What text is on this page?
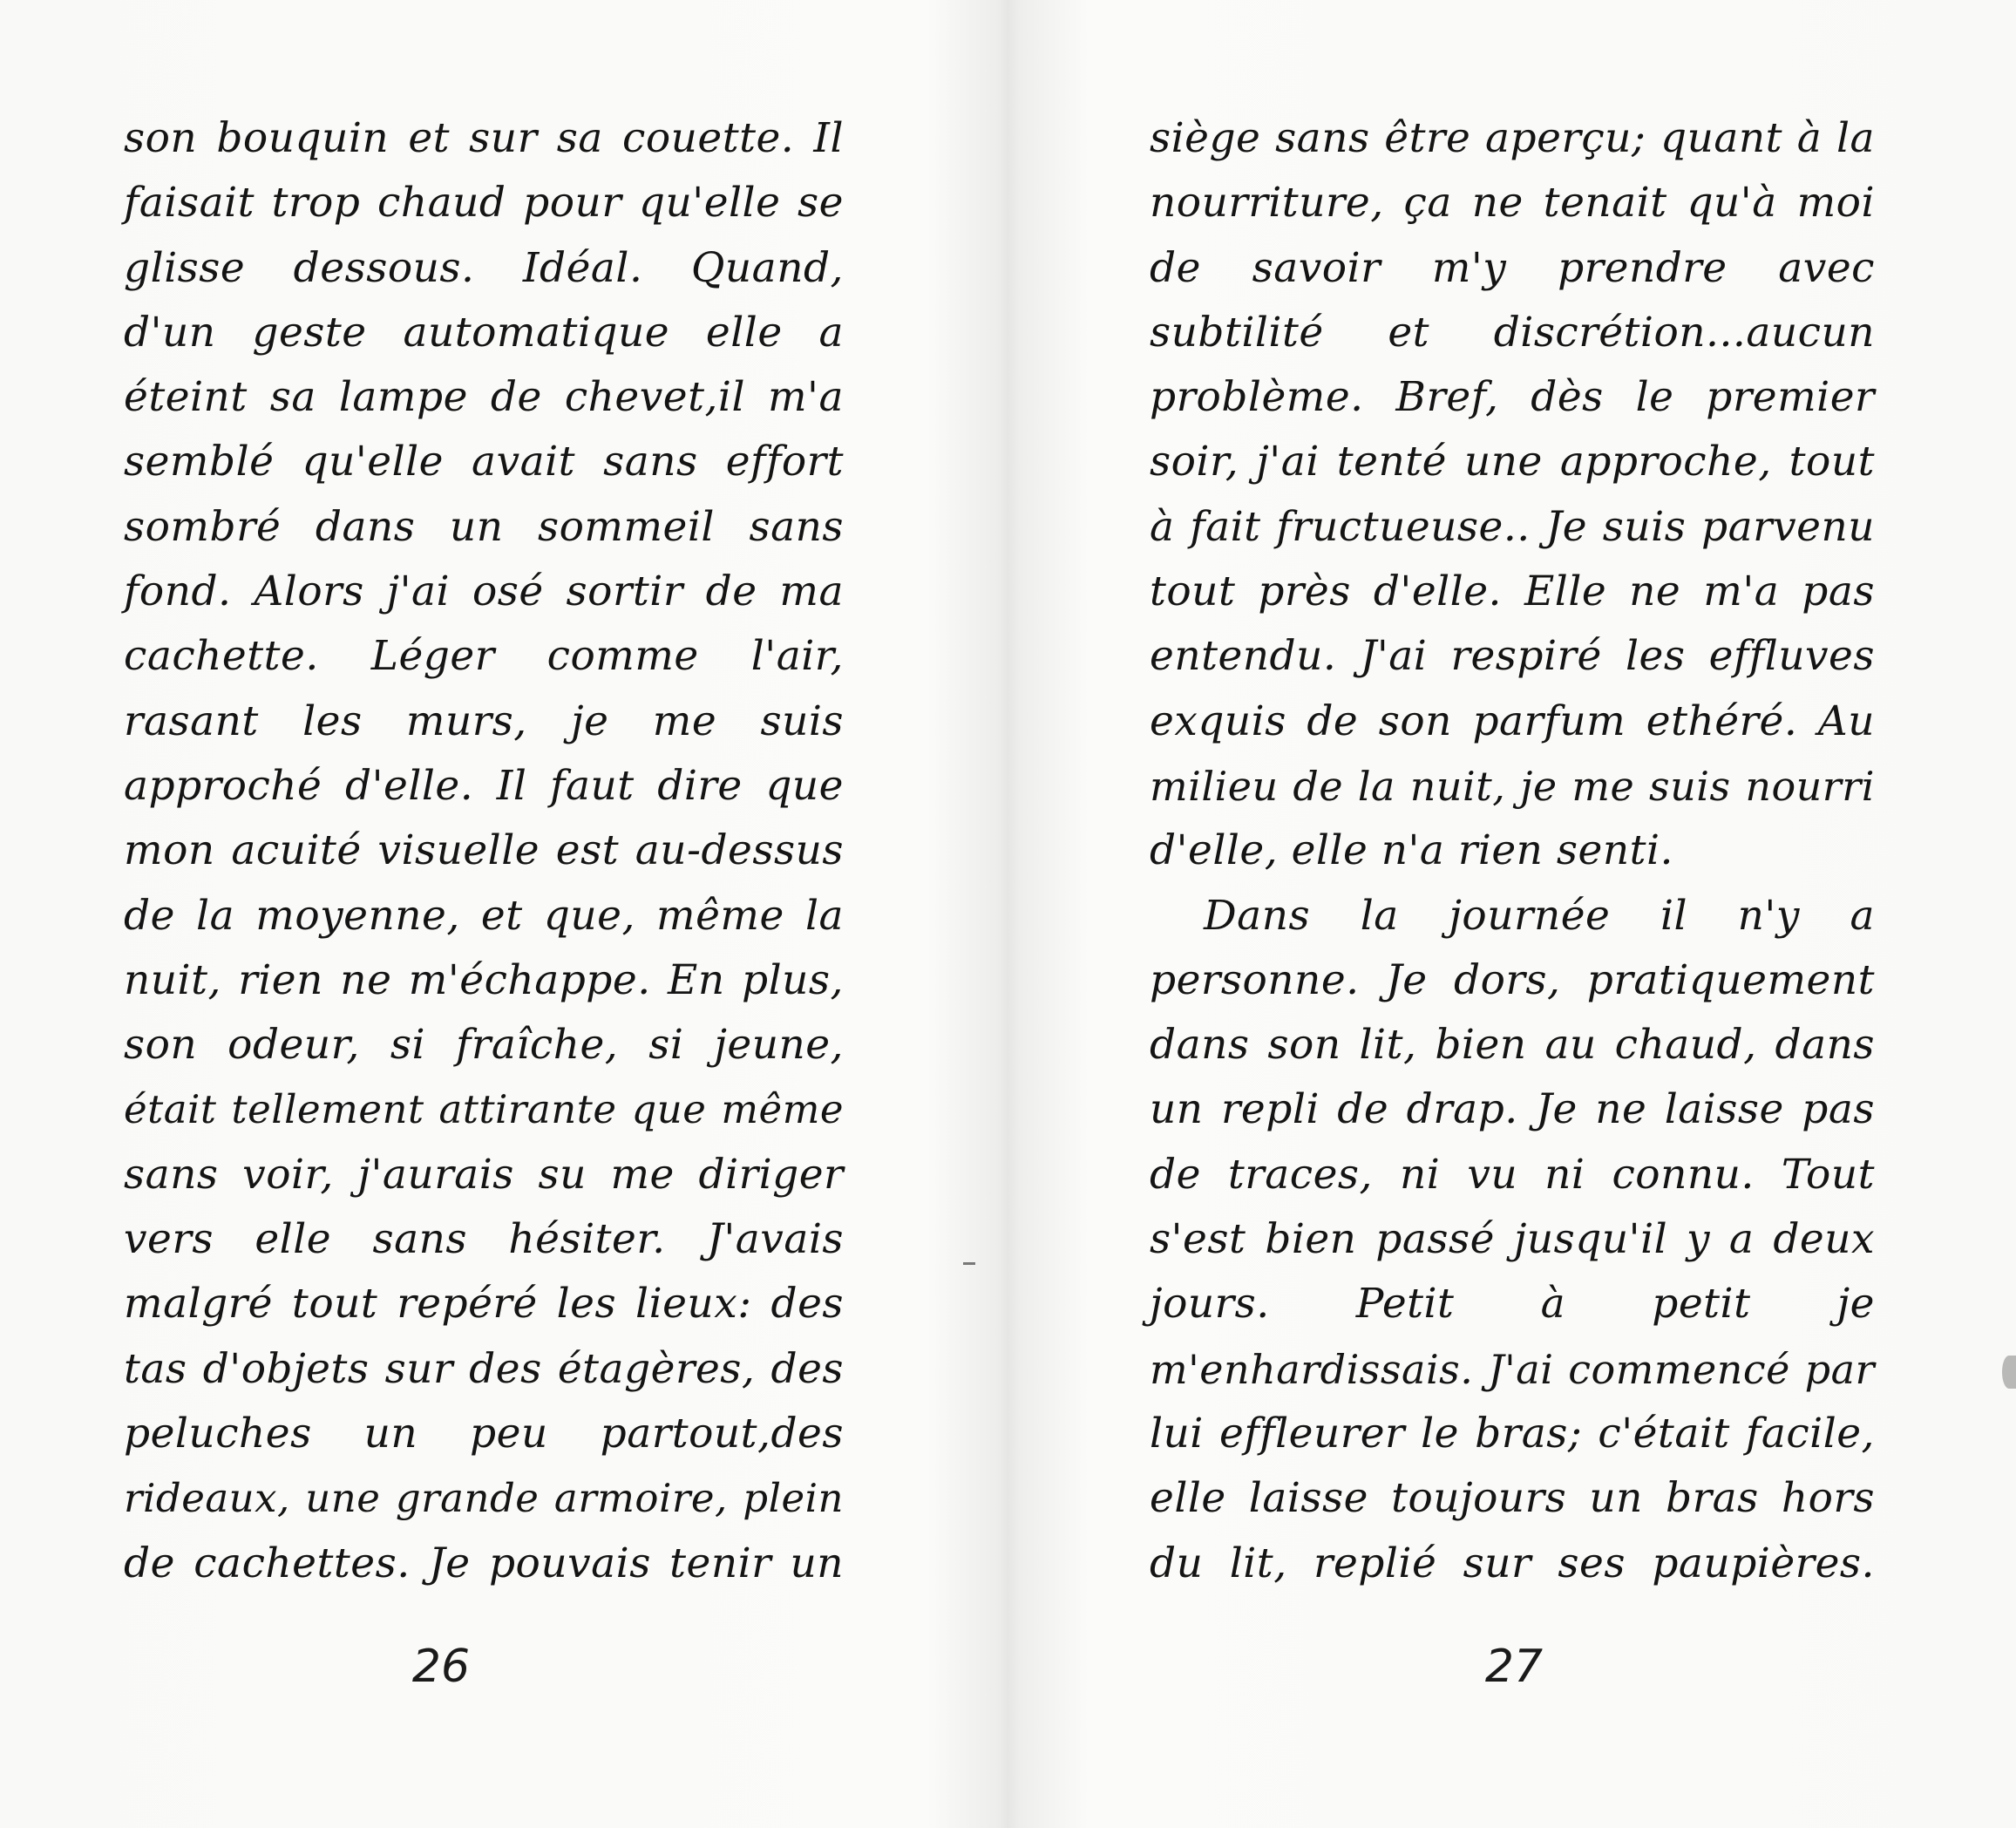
son bouquin et sur sa couette. Il
faisait trop chaud pour qu'elle se
glisse dessous. Idéal. Quand,
d'un geste automatique elle a
éteint sa lampe de chevet,il m'a
semblé qu'elle avait sans effort
sombré dans un sommeil sans
fond. Alors j'ai osé sortir de ma
cachette. Léger comme l'air,
rasant les murs, je me suis
approché d'elle. Il faut dire que
mon acuité visuelle est au-dessus
de la moyenne, et que, même la
nuit, rien ne m'échappe. En plus,
son odeur, si fraîche, si jeune,
était tellement attirante que même
sans voir, j'aurais su me diriger
vers elle sans hésiter. J'avais
malgré tout repéré les lieux: des
tas d'objets sur des étagères, des
peluches un peu partout,des
rideaux, une grande armoire, plein
de cachettes. Je pouvais tenir un
26
siège sans être aperçu; quant à la
nourriture, ça ne tenait qu'à moi
de savoir m'y prendre avec
subtilité et discrétion...aucun
problème. Bref, dès le premier
soir, j'ai tenté une approche, tout
à fait fructueuse.. Je suis parvenu
tout près d'elle. Elle ne m'a pas
entendu. J'ai respiré les effluves
exquis de son parfum ethéré. Au
milieu de la nuit, je me suis nourri
d'elle, elle n'a rien senti.
Dans la journée il n'y a
personne. Je dors, pratiquement
dans son lit, bien au chaud, dans
un repli de drap. Je ne laisse pas
de traces, ni vu ni connu. Tout
s'est bien passé jusqu'il y a deux
jours. Petit à petit je
m'enhardissais. J'ai commencé par
lui effleurer le bras; c'était facile,
elle laisse toujours un bras hors
du lit, replié sur ses paupières.
27
